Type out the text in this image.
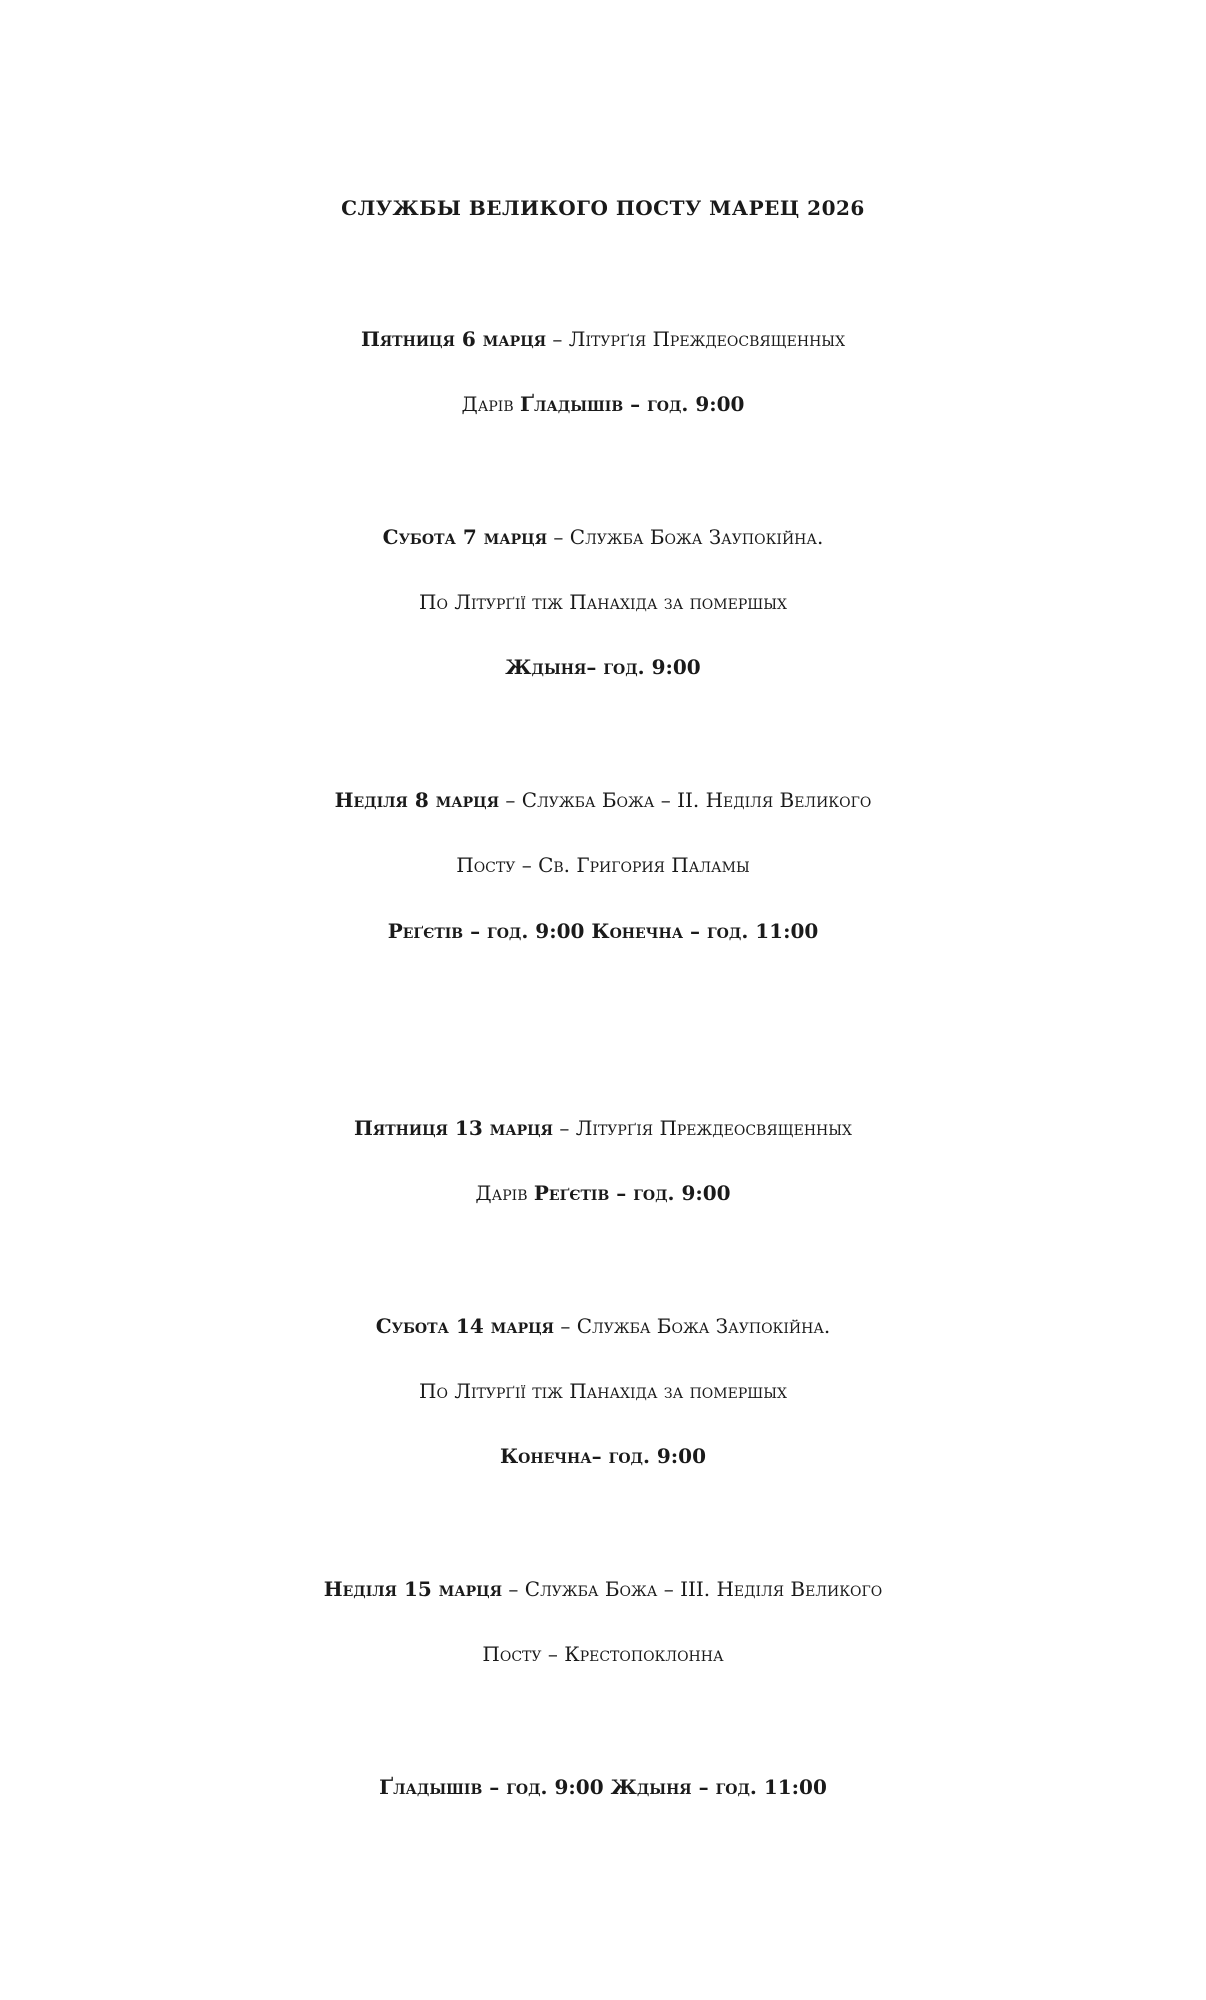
СЛУЖБЫ ВЕЛИКОГО ПОСТУ МАРЕЦ 2026
Пятниця 6 марця – Літурґія Преждеосвященных
Дарів Ґладышів – год. 9:00
Субота 7 марця – Служба Божа Заупокійна.
По Літурґії тіж Панахіда за помершых
Ждыня– год. 9:00
Неділя 8 марця – Служба Божа – ІІ. Неділя Великого
Посту – Св. Григория Паламы
Реґєтів – год. 9:00 Конечна – год. 11:00
Пятниця 13 марця – Літурґія Преждеосвященных
Дарів Реґєтів – год. 9:00
Субота 14 марця – Служба Божа Заупокійна.
По Літурґії тіж Панахіда за помершых
Конечна– год. 9:00
Неділя 15 марця – Служба Божа – ІІІ. Неділя Великого
Посту – Крестопоклонна
Ґладышів – год. 9:00 Ждыня – год. 11:00
